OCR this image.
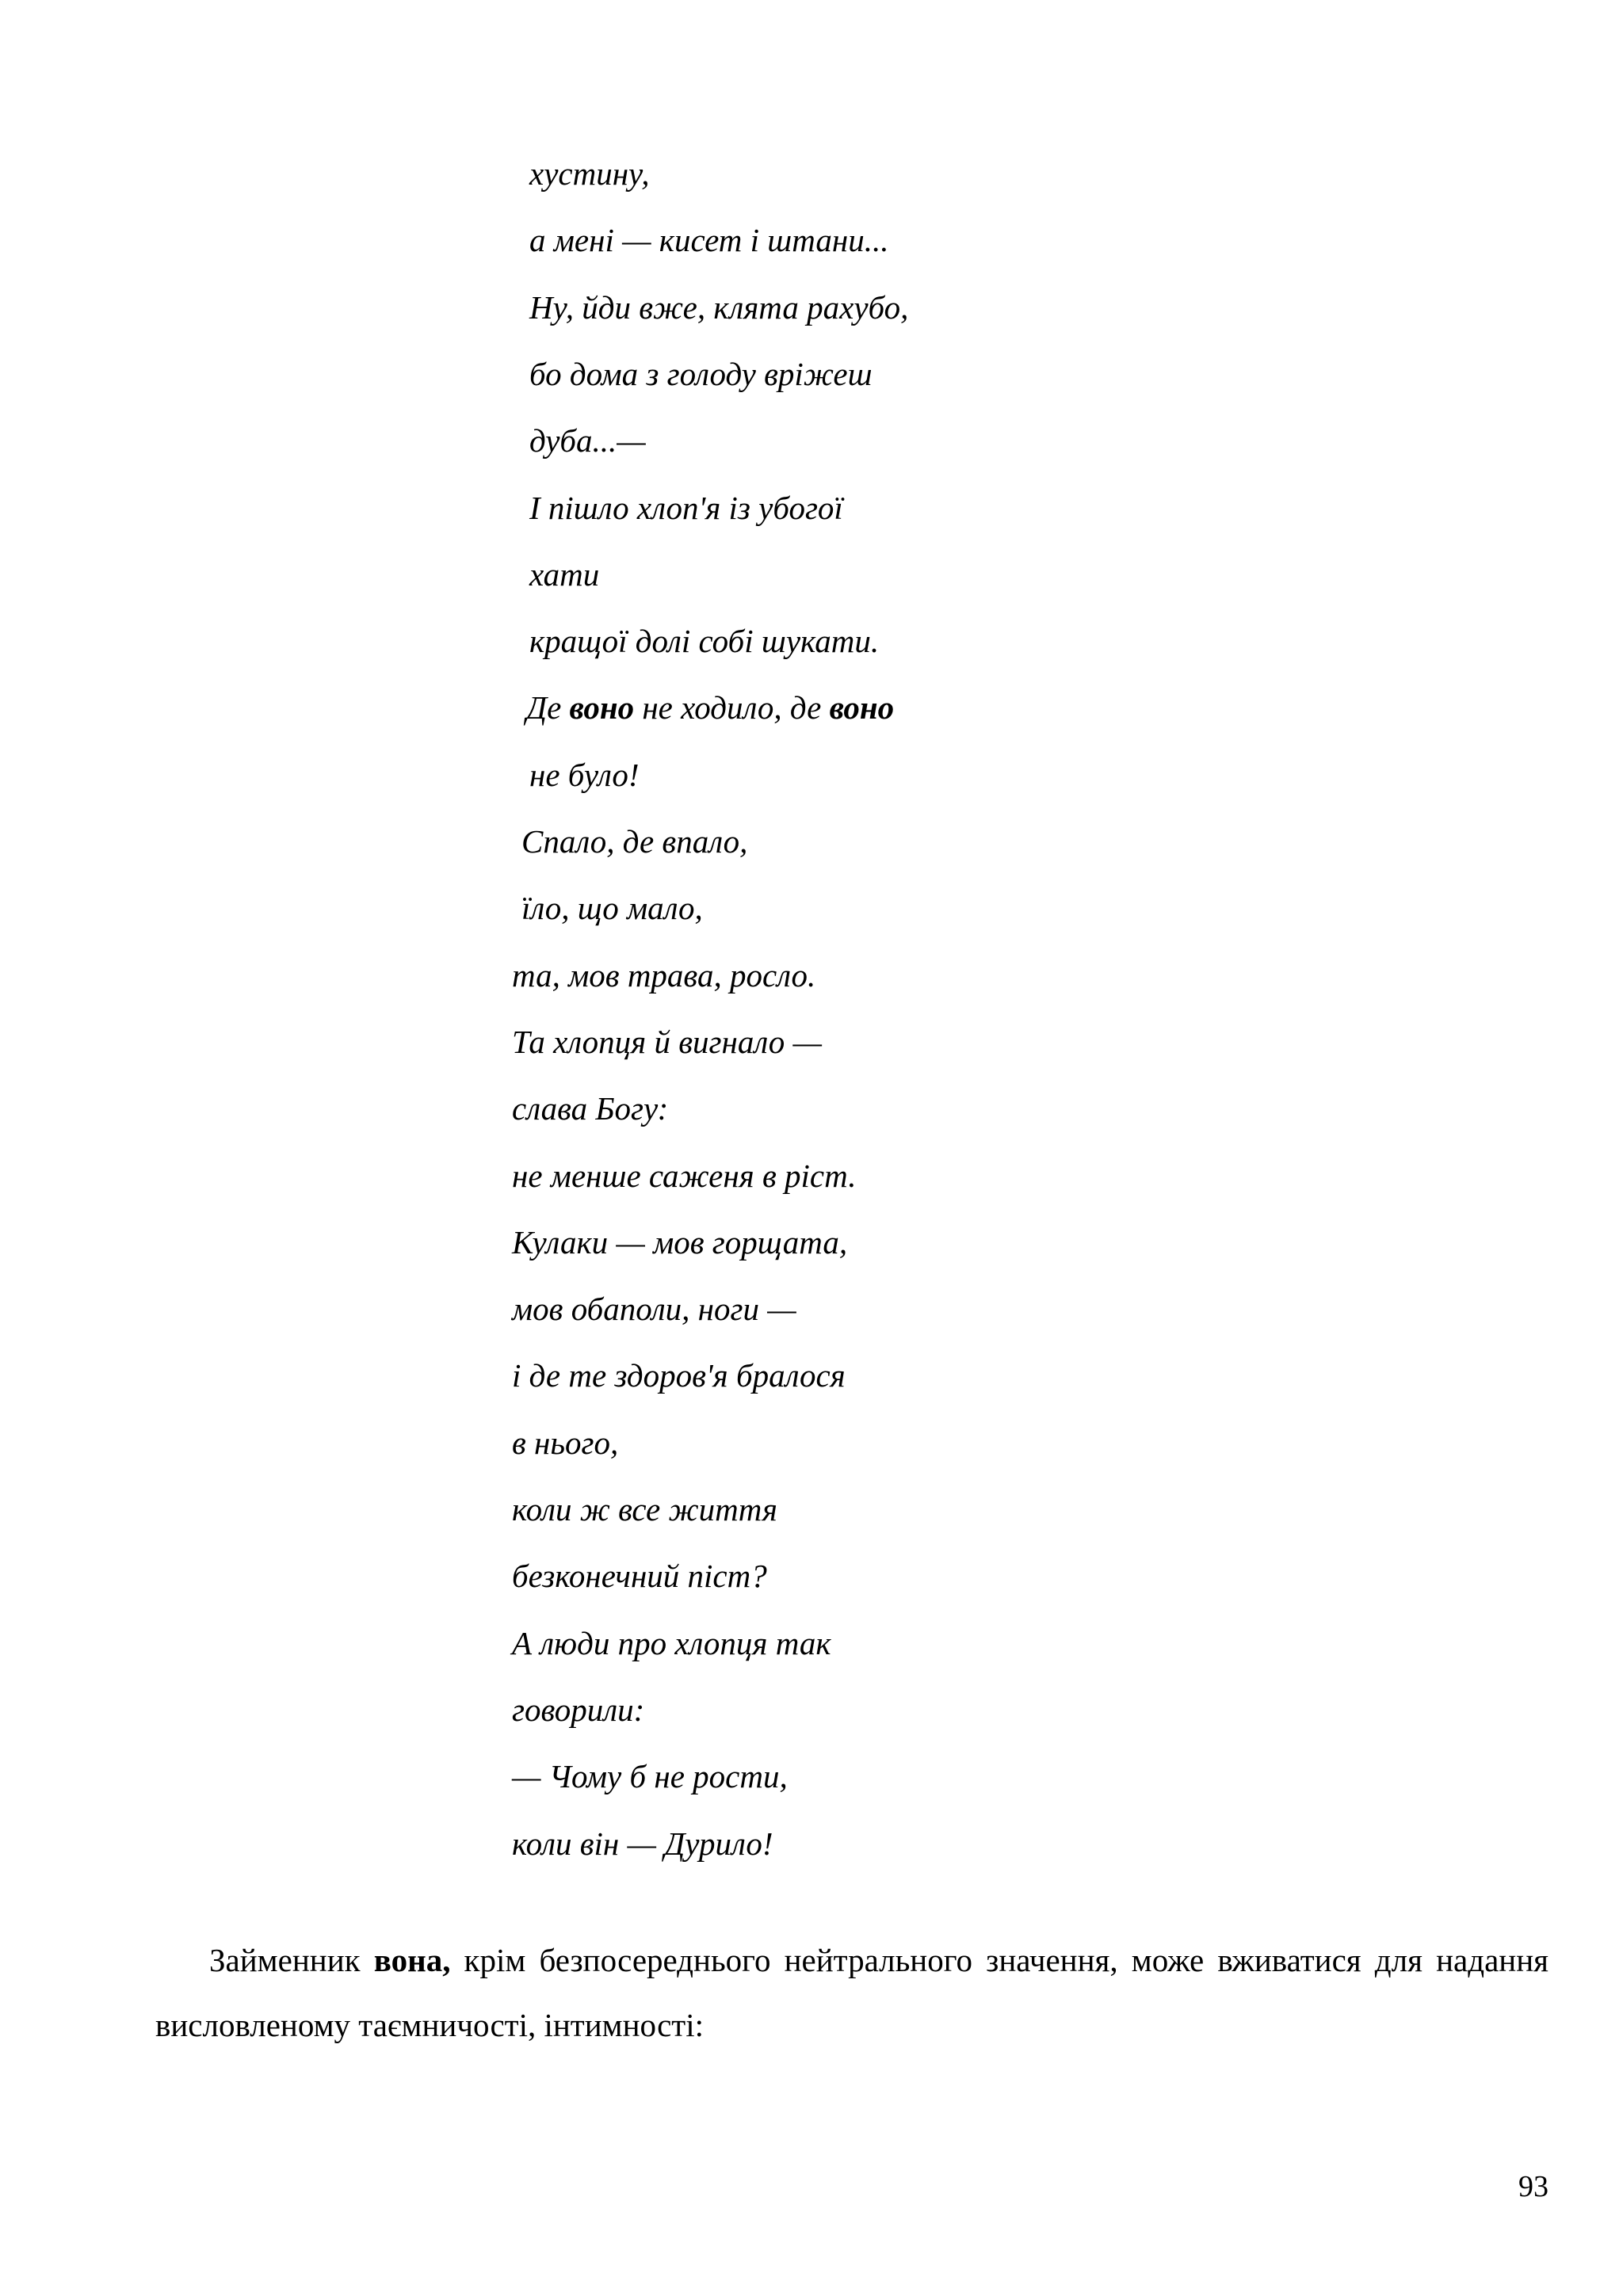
хустину,
а мені — кисет і штани...
Ну, йди вже, клята рахубо,
бо дома з голоду вріжеш
дуба...—
І пішло хлоп'я із убогої
хати
кращої долі собі шукати.
Де воно не ходило, де воно
не було!
Спало, де впало,
їло, що мало,
та, мов трава, росло.
Та хлопця й вигнало —
слава Богу:
не менше саженя в ріст.
Кулаки — мов горщата,
мов обаполи, ноги —
і де те здоров'я бралося
в нього,
коли ж все життя
безконечний піст?
А люди про хлопця так
говорили:
— Чому б не рости,
коли він — Дурило!

Займенник вона, крім безпосереднього нейтрального значення, може вживатися для надання висловленому таємничості, інтимності:

93
